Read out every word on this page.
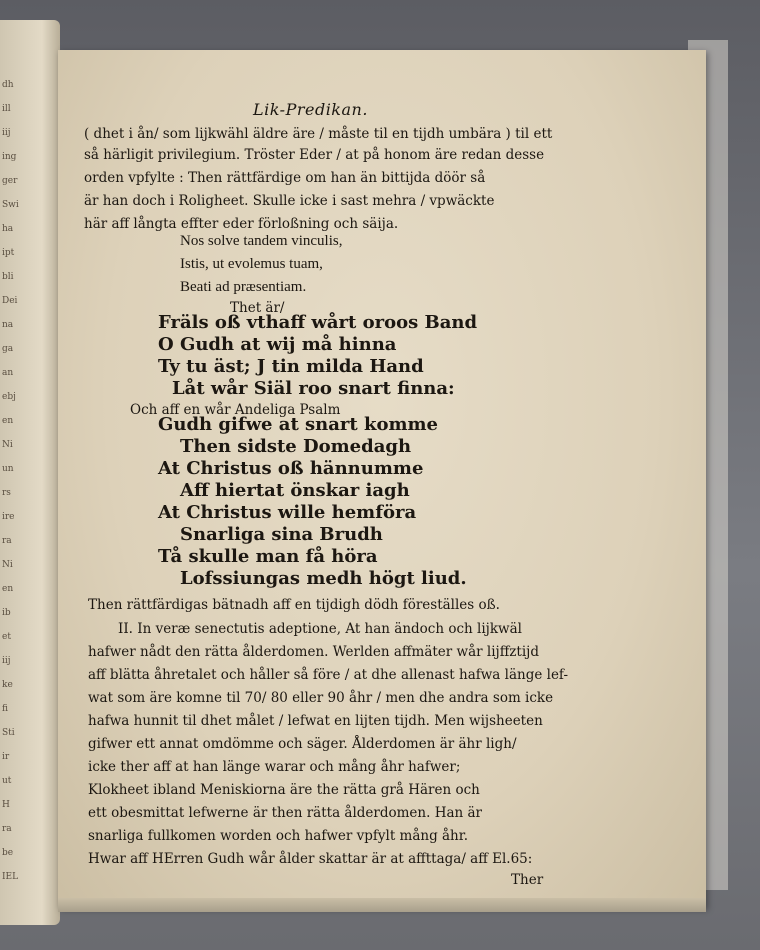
dh
ill
iij
ing
ger
Swi
ha
ipt
bli
Dei
na
ga
an
ebj
en
Ni
un
rs
ire
ra
Ni
en
ib
et
iij
ke
fi
Sti
ir
ut
H
ra
be
IEL
Lik-Predikan.
( dhet i ån/ som lijkwähl äldre äre / måste til en tijdh umbära ) til ett
så härligit privilegium. Tröster Eder / at på honom äre redan desse
orden vpfylte : Then rättfärdige om han än bittijda döör så
är han doch i Roligheet. Skulle icke i sast mehra / vpwäckte
här aff långta effter eder förloßning och säija.
Nos solve tandem vinculis,
Istis, ut evolemus tuam,
Beati ad præsentiam.
Thet är/
Fräls oß vthaff wårt oroos Band
O Gudh at wij må hinna
Ty tu äst; J tin milda Hand
Låt wår Siäl roo snart finna:
Och aff en wår Andeliga Psalm
Gudh gifwe at snart komme
Then sidste Domedagh
At Christus oß hännumme
Aff hiertat önskar iagh
At Christus wille hemföra
Snarliga sina Brudh
Tå skulle man få höra
Lofssiungas medh högt liud.
Then rättfärdigas bätnadh aff en tijdigh dödh föreställes oß.
II. In veræ senectutis adeptione, At han ändoch och lijkwäl
hafwer nådt den rätta ålderdomen. Werlden affmäter wår lijffztijd
aff blätta åhretalet och håller så före / at dhe allenast hafwa länge lef-
wat som äre komne til 70/ 80 eller 90 åhr / men dhe andra som icke
hafwa hunnit til dhet målet / lefwat en lijten tijdh. Men wijsheeten
gifwer ett annat omdömme och säger. Ålderdomen är ähr ligh/
icke ther aff at han länge warar och mång åhr hafwer;
Klokheet ibland Meniskiorna äre the rätta grå Hären och
ett obesmittat lefwerne är then rätta ålderdomen. Han är
snarliga fullkomen worden och hafwer vpfylt mång åhr.
Hwar aff HErren Gudh wår ålder skattar är at affttaga/ aff El.65:
Ther
